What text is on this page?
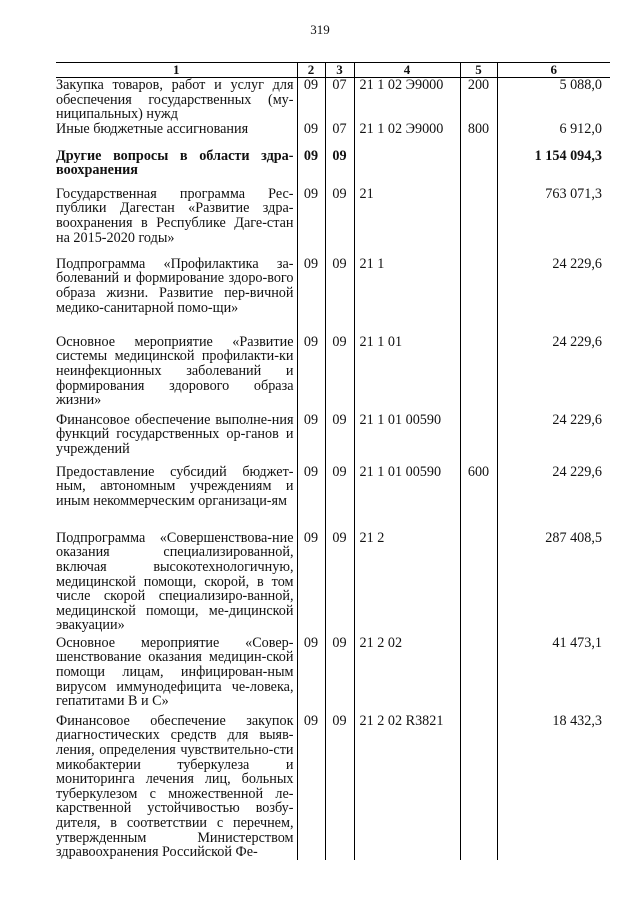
319
1	2	3	4	5	6
Закупка товаров, работ и услуг для обеспечения государственных (му-ниципальных) нужд	09	07	21 1 02 Э9000	200	5 088,0
Иные бюджетные ассигнования	09	07	21 1 02 Э9000	800	6 912,0
Другие вопросы в области здра-воохранения	09	09			1 154 094,3
Государственная программа Рес-публики Дагестан «Развитие здра-воохранения в Республике Даге-стан на 2015-2020 годы»	09	09	21		763 071,3
Подпрограмма «Профилактика за-болеваний и формирование здоро-вого образа жизни. Развитие пер-вичной медико-санитарной помо-щи»	09	09	21 1		24 229,6
Основное мероприятие «Развитие системы медицинской профилакти-ки неинфекционных заболеваний и формирования здорового образа жизни»	09	09	21 1 01		24 229,6
Финансовое обеспечение выполне-ния функций государственных ор-ганов и учреждений	09	09	21 1 01 00590		24 229,6
Предоставление субсидий бюджет-ным, автономным учреждениям и иным некоммерческим организаци-ям	09	09	21 1 01 00590	600	24 229,6
Подпрограмма «Совершенствова-ние оказания специализированной, включая высокотехнологичную, медицинской помощи, скорой, в том числе скорой специализиро-ванной, медицинской помощи, ме-дицинской эвакуации»	09	09	21 2		287 408,5
Основное мероприятие «Совер-шенствование оказания медицин-ской помощи лицам, инфицирован-ным вирусом иммунодефицита че-ловека, гепатитами В и С»	09	09	21 2 02		41 473,1
Финансовое обеспечение закупок диагностических средств для выяв-ления, определения чувствительно-сти микобактерии туберкулеза и мониторинга лечения лиц, больных туберкулезом с множественной ле-карственной устойчивостью возбу-дителя, в соответствии с перечнем, утвержденным Министерством здравоохранения Российской Фе-	09	09	21 2 02 R3821		18 432,3
